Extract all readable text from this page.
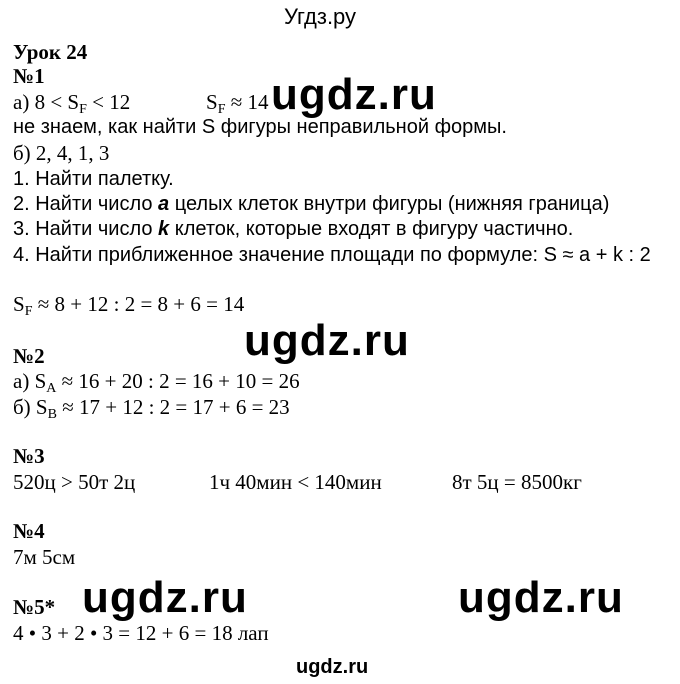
Угдз.ру
Урок 24
№1
а) $8 < S_F < 12$	$S_F \approx 14$ ugdz.ru
не знаем, как найти S фигуры неправильной формы.
б) 2, 4, 1, 3
1. Найти палетку.
2. Найти число a целых клеток внутри фигуры (нижняя граница)
3. Найти число k клеток, которые входят в фигуру частично.
4. Найти приближенное значение площади по формуле: S ≈ a + k : 2
$S_F \approx 8 + 12$ : 2 = 8 + 6 = 14
ugdz.ru
№2
а) $S_A \approx 16 + 20$ : 2 = 16 + 10 = 26
б) $S_B \approx 17 + 12$ : 2 = 17 + 6 = 23
№3
520ц > 50т 2ц	1ч 40мин < 140мин	8т 5ц = 8500кг
№4
7м 5см
ugdz.ru	ugdz.ru
№5*
4 • 3 + 2 • 3 = 12 + 6 = 18 лап
ugdz.ru
